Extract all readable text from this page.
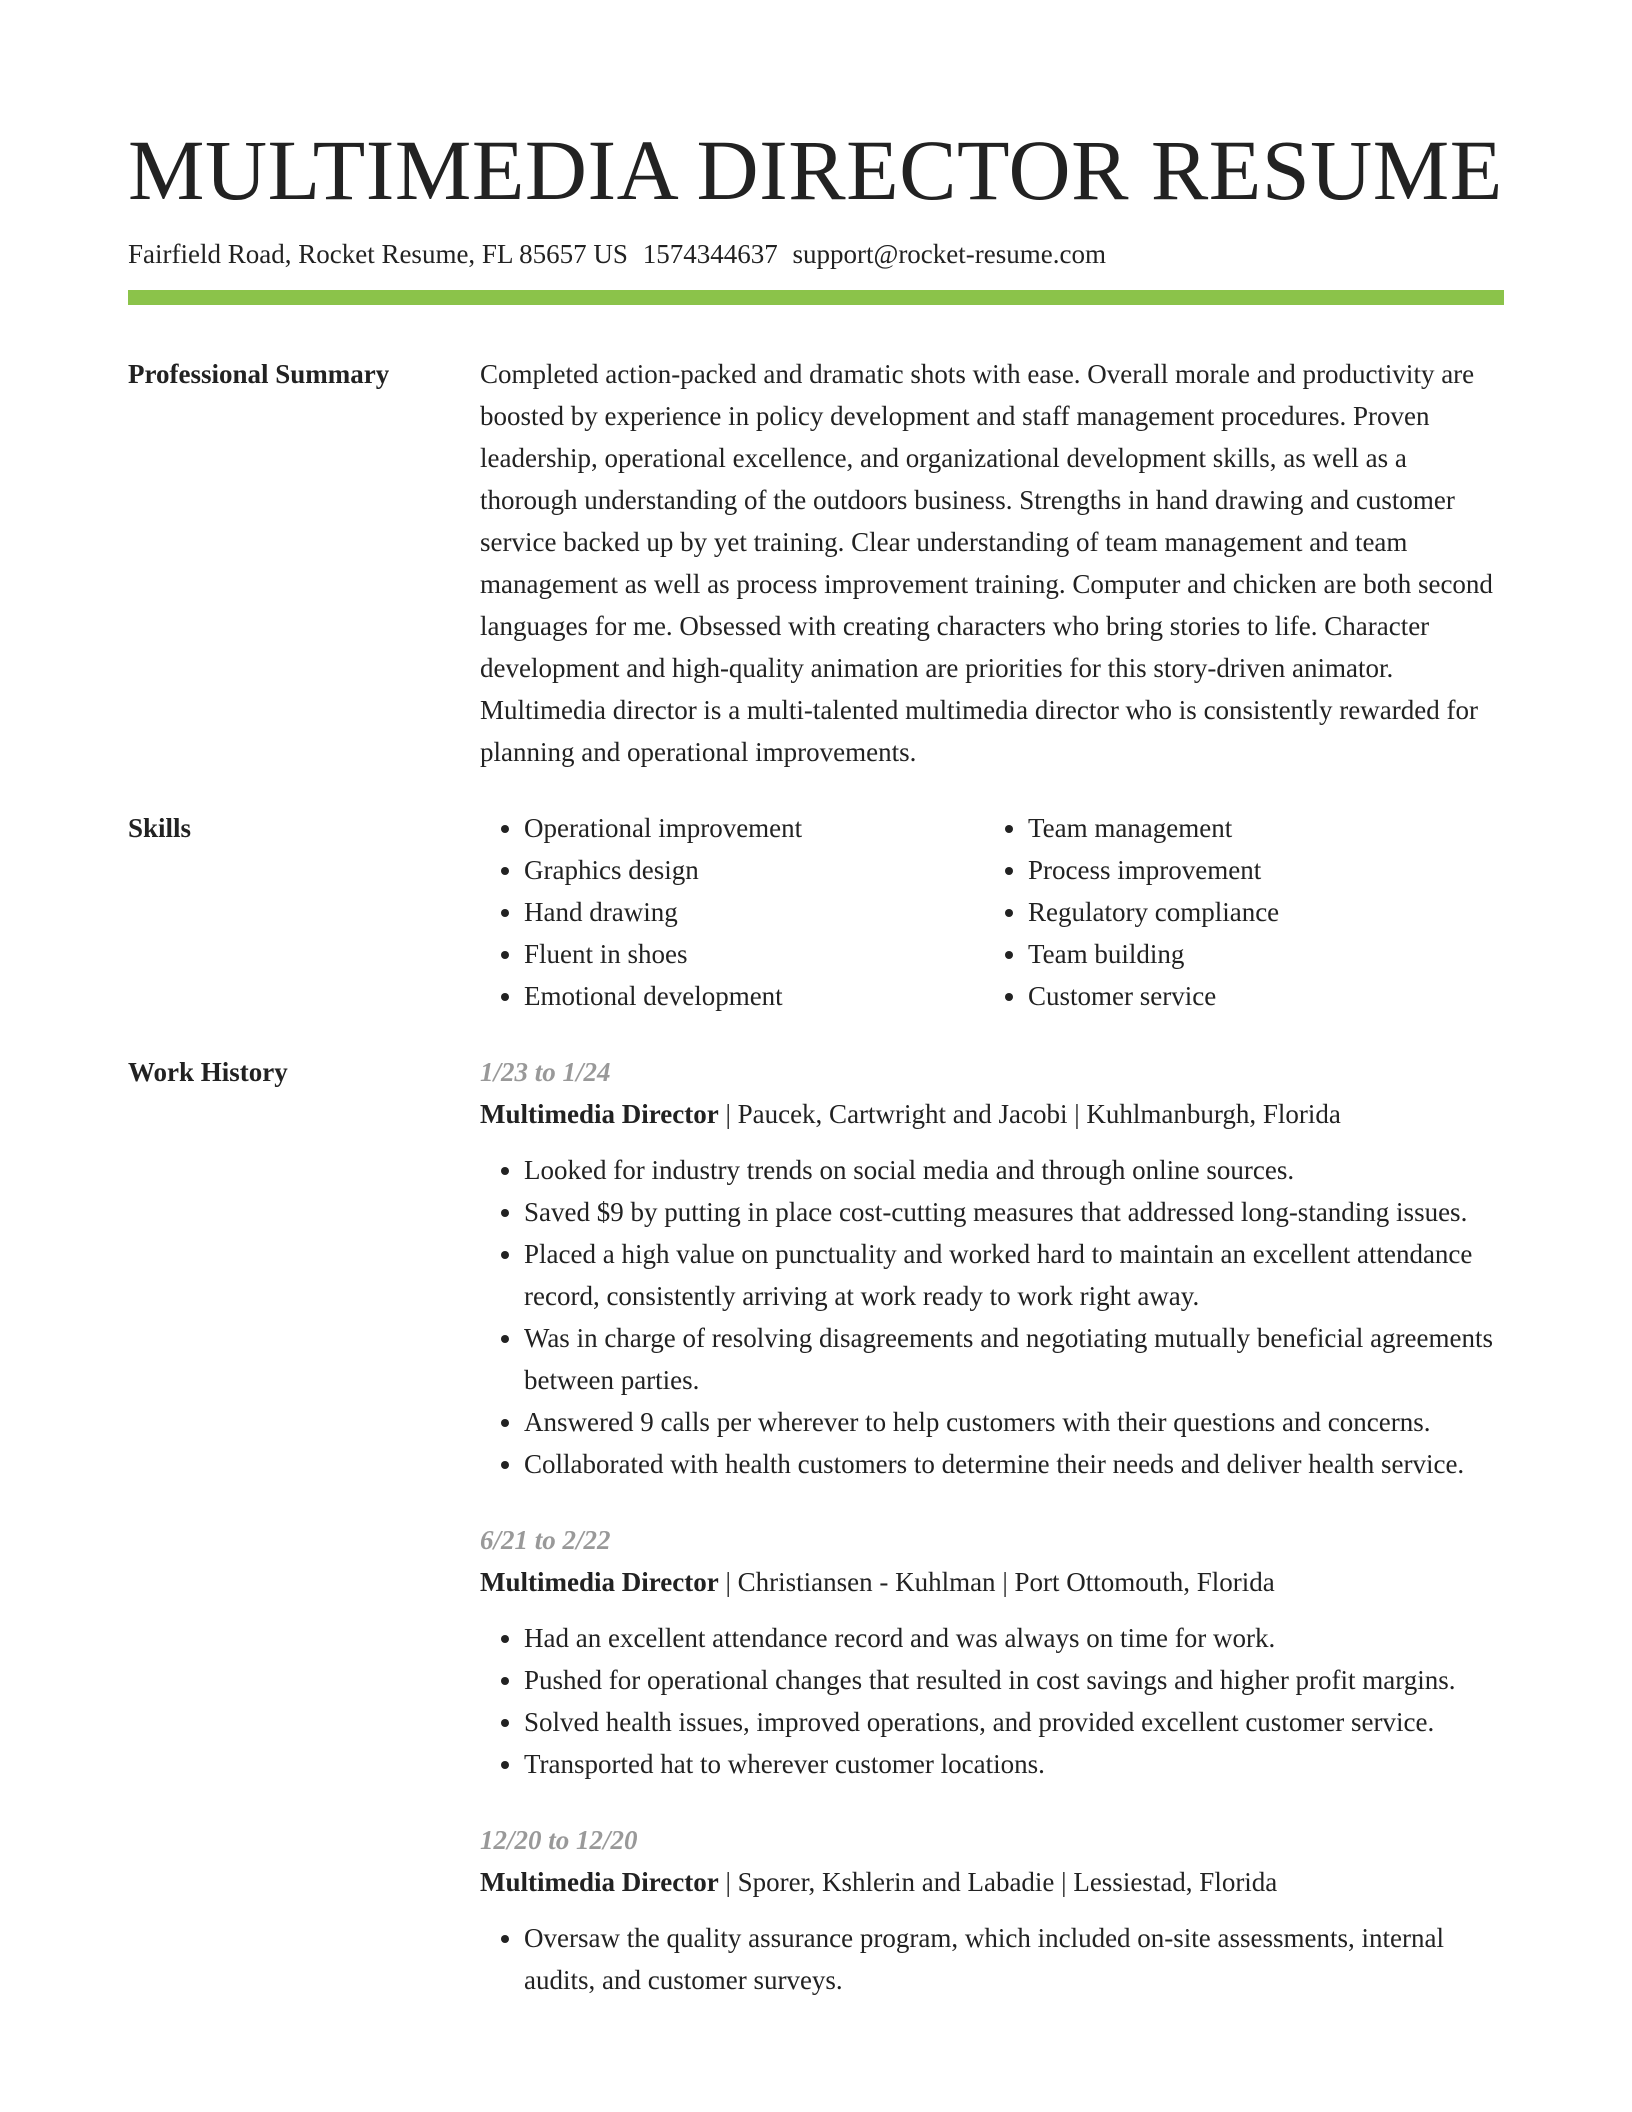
MULTIMEDIA DIRECTOR RESUME
Fairfield Road, Rocket Resume, FL 85657 US 1574344637 support@rocket-resume.com
Professional Summary	Completed action-packed and dramatic shots with ease. Overall morale and productivity are boosted by experience in policy development and staff management procedures. Proven leadership, operational excellence, and organizational development skills, as well as a thorough understanding of the outdoors business. Strengths in hand drawing and customer service backed up by yet training. Clear understanding of team management and team management as well as process improvement training. Computer and chicken are both second languages for me. Obsessed with creating characters who bring stories to life. Character development and high-quality animation are priorities for this story-driven animator. Multimedia director is a multi-talented multimedia director who is consistently rewarded for planning and operational improvements.

Skills
•	Operational improvement
• Graphics design
• Hand drawing
• Fluent in shoes
• Emotional development
• Team management
• Process improvement
• Regulatory compliance
• Team building
• Customer service
Work History	1/23 to 1/24
Multimedia Director | Paucek, Cartwright and Jacobi | Kuhlmanburgh, Florida
• Looked for industry trends on social media and through online sources.
• Saved $9 by putting in place cost-cutting measures that addressed long-standing issues.
• Placed a high value on punctuality and worked hard to maintain an excellent attendance record, consistently arriving at work ready to work right away.
• Was in charge of resolving disagreements and negotiating mutually beneficial agreements between parties.
• Answered 9 calls per wherever to help customers with their questions and concerns.
• Collaborated with health customers to determine their needs and deliver health service.
6/21 to 2/22
Multimedia Director | Christiansen - Kuhlman | Port Ottomouth, Florida
• Had an excellent attendance record and was always on time for work.
• Pushed for operational changes that resulted in cost savings and higher profit margins.
• Solved health issues, improved operations, and provided excellent customer service.
• Transported hat to wherever customer locations.
12/20 to 12/20
Multimedia Director | Sporer, Kshlerin and Labadie | Lessiestad, Florida
• Oversaw the quality assurance program, which included on-site assessments, internal audits, and customer surveys.
